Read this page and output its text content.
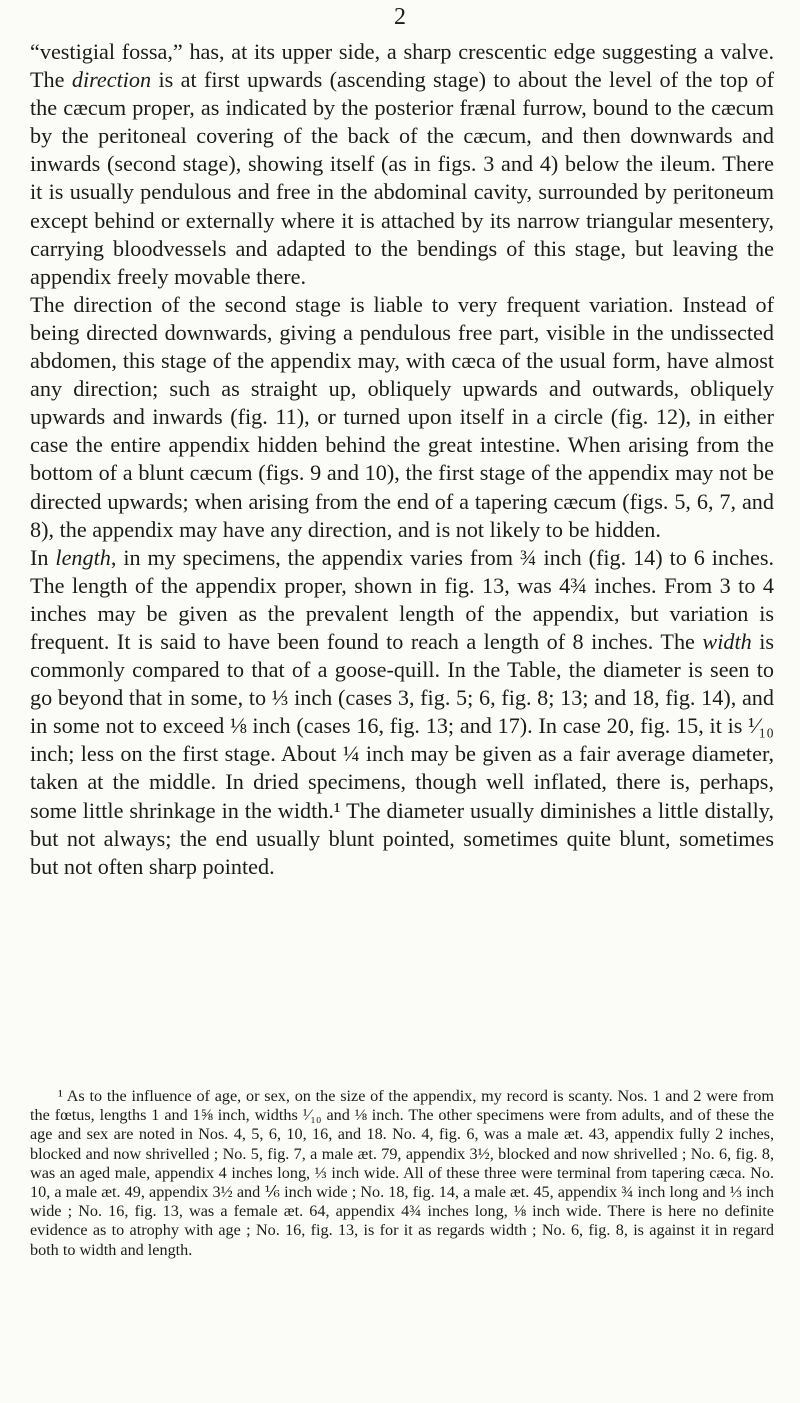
2

“vestigial fossa,” has, at its upper side, a sharp crescentic edge suggesting a valve. The direction is at first upwards (ascending stage) to about the level of the top of the cæcum proper, as indicated by the posterior frænal furrow, bound to the cæcum by the peritoneal covering of the back of the cæcum, and then downwards and inwards (second stage), showing itself (as in figs. 3 and 4) below the ileum. There it is usually pendulous and free in the abdominal cavity, surrounded by peritoneum except behind or externally where it is attached by its narrow triangular mesentery, carrying bloodvessels and adapted to the bendings of this stage, but leaving the appendix freely movable there.

The direction of the second stage is liable to very frequent variation. Instead of being directed downwards, giving a pendulous free part, visible in the undissected abdomen, this stage of the appendix may, with cæca of the usual form, have almost any direction; such as straight up, obliquely upwards and outwards, obliquely upwards and inwards (fig. 11), or turned upon itself in a circle (fig. 12), in either case the entire appendix hidden behind the great intestine. When arising from the bottom of a blunt cæcum (figs. 9 and 10), the first stage of the appendix may not be directed upwards; when arising from the end of a tapering cæcum (figs. 5, 6, 7, and 8), the appendix may have any direction, and is not likely to be hidden.

In length, in my specimens, the appendix varies from ¾ inch (fig. 14) to 6 inches. The length of the appendix proper, shown in fig. 13, was 4¾ inches. From 3 to 4 inches may be given as the prevalent length of the appendix, but variation is frequent. It is said to have been found to reach a length of 8 inches. The width is commonly compared to that of a goose-quill. In the Table, the diameter is seen to go beyond that in some, to ⅓ inch (cases 3, fig. 5; 6, fig. 8; 13; and 18, fig. 14), and in some not to exceed ⅛ inch (cases 16, fig. 13; and 17). In case 20, fig. 15, it is ¹⁄₁₀ inch; less on the first stage. About ¼ inch may be given as a fair average diameter, taken at the middle. In dried specimens, though well inflated, there is, perhaps, some little shrinkage in the width.¹ The diameter usually diminishes a little distally, but not always; the end usually blunt pointed, sometimes quite blunt, sometimes but not often sharp pointed.

¹ As to the influence of age, or sex, on the size of the appendix, my record is scanty. Nos. 1 and 2 were from the fœtus, lengths 1 and 1⅝ inch, widths ¹⁄₁₀ and ⅛ inch. The other specimens were from adults, and of these the age and sex are noted in Nos. 4, 5, 6, 10, 16, and 18. No. 4, fig. 6, was a male æt. 43, appendix fully 2 inches, blocked and now shrivelled ; No. 5, fig. 7, a male æt. 79, appendix 3½, blocked and now shrivelled ; No. 6, fig. 8, was an aged male, appendix 4 inches long, ⅓ inch wide. All of these three were terminal from tapering cæca. No. 10, a male æt. 49, appendix 3½ and ⅙ inch wide ; No. 18, fig. 14, a male æt. 45, appendix ¾ inch long and ⅓ inch wide ; No. 16, fig. 13, was a female æt. 64, appendix 4¾ inches long, ⅛ inch wide. There is here no definite evidence as to atrophy with age ; No. 16, fig. 13, is for it as regards width ; No. 6, fig. 8, is against it in regard both to width and length.
